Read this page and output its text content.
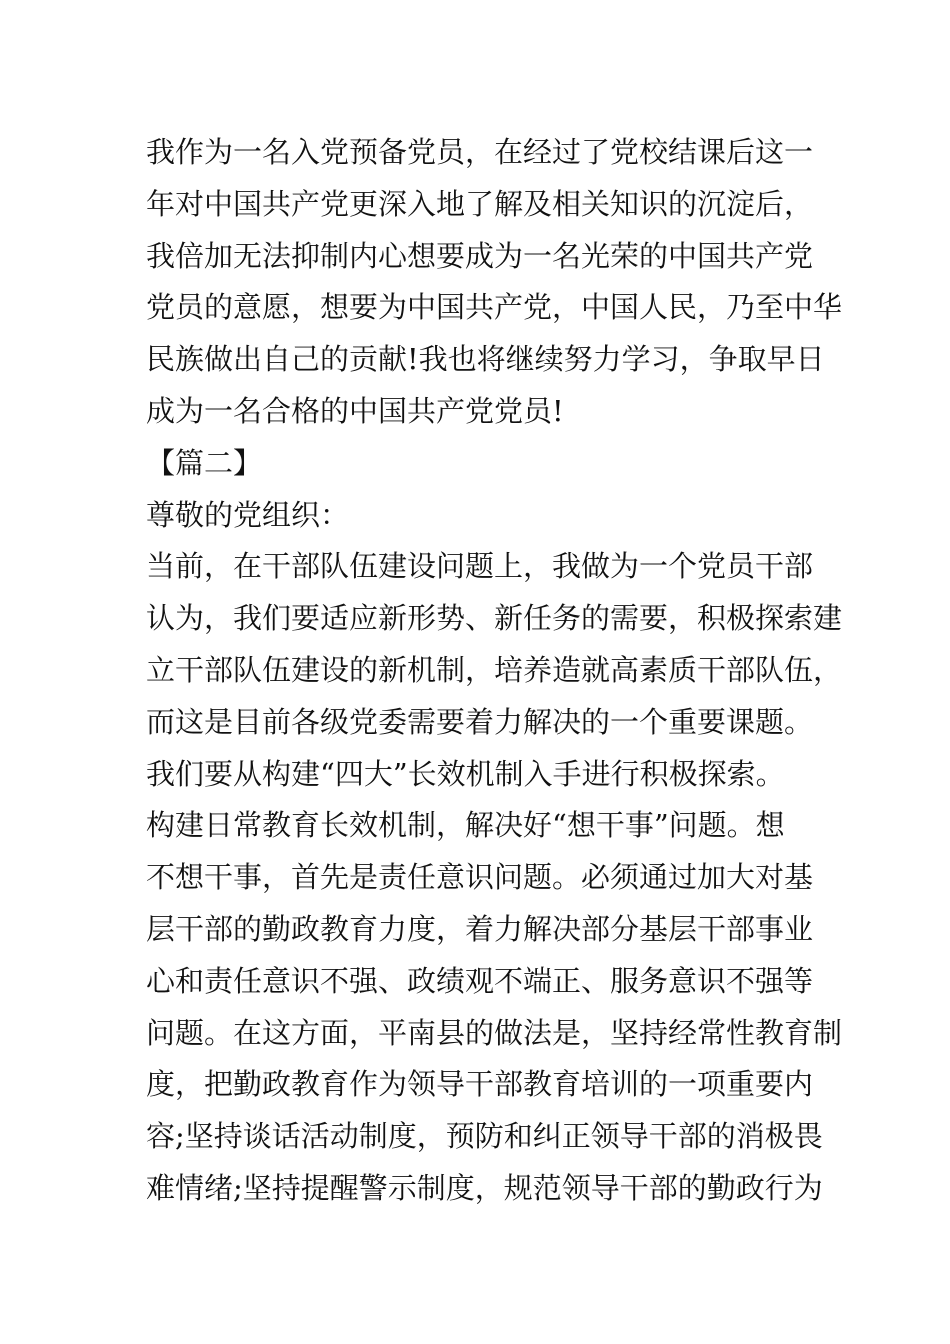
我作为一名入党预备党员，在经过了党校结课后这一
年对中国共产党更深入地了解及相关知识的沉淀后，
我倍加无法抑制内心想要成为一名光荣的中国共产党
党员的意愿，想要为中国共产党，中国人民，乃至中华
民族做出自己的贡献!我也将继续努力学习，争取早日
成为一名合格的中国共产党党员!
【篇二】
尊敬的党组织：
当前，在干部队伍建设问题上，我做为一个党员干部
认为，我们要适应新形势、新任务的需要，积极探索建
立干部队伍建设的新机制，培养造就高素质干部队伍，
而这是目前各级党委需要着力解决的一个重要课题。
我们要从构建“四大”长效机制入手进行积极探索。
构建日常教育长效机制，解决好“想干事”问题。想
不想干事，首先是责任意识问题。必须通过加大对基
层干部的勤政教育力度，着力解决部分基层干部事业
心和责任意识不强、政绩观不端正、服务意识不强等
问题。在这方面，平南县的做法是，坚持经常性教育制
度，把勤政教育作为领导干部教育培训的一项重要内
容;坚持谈话活动制度，预防和纠正领导干部的消极畏
难情绪;坚持提醒警示制度，规范领导干部的勤政行为
